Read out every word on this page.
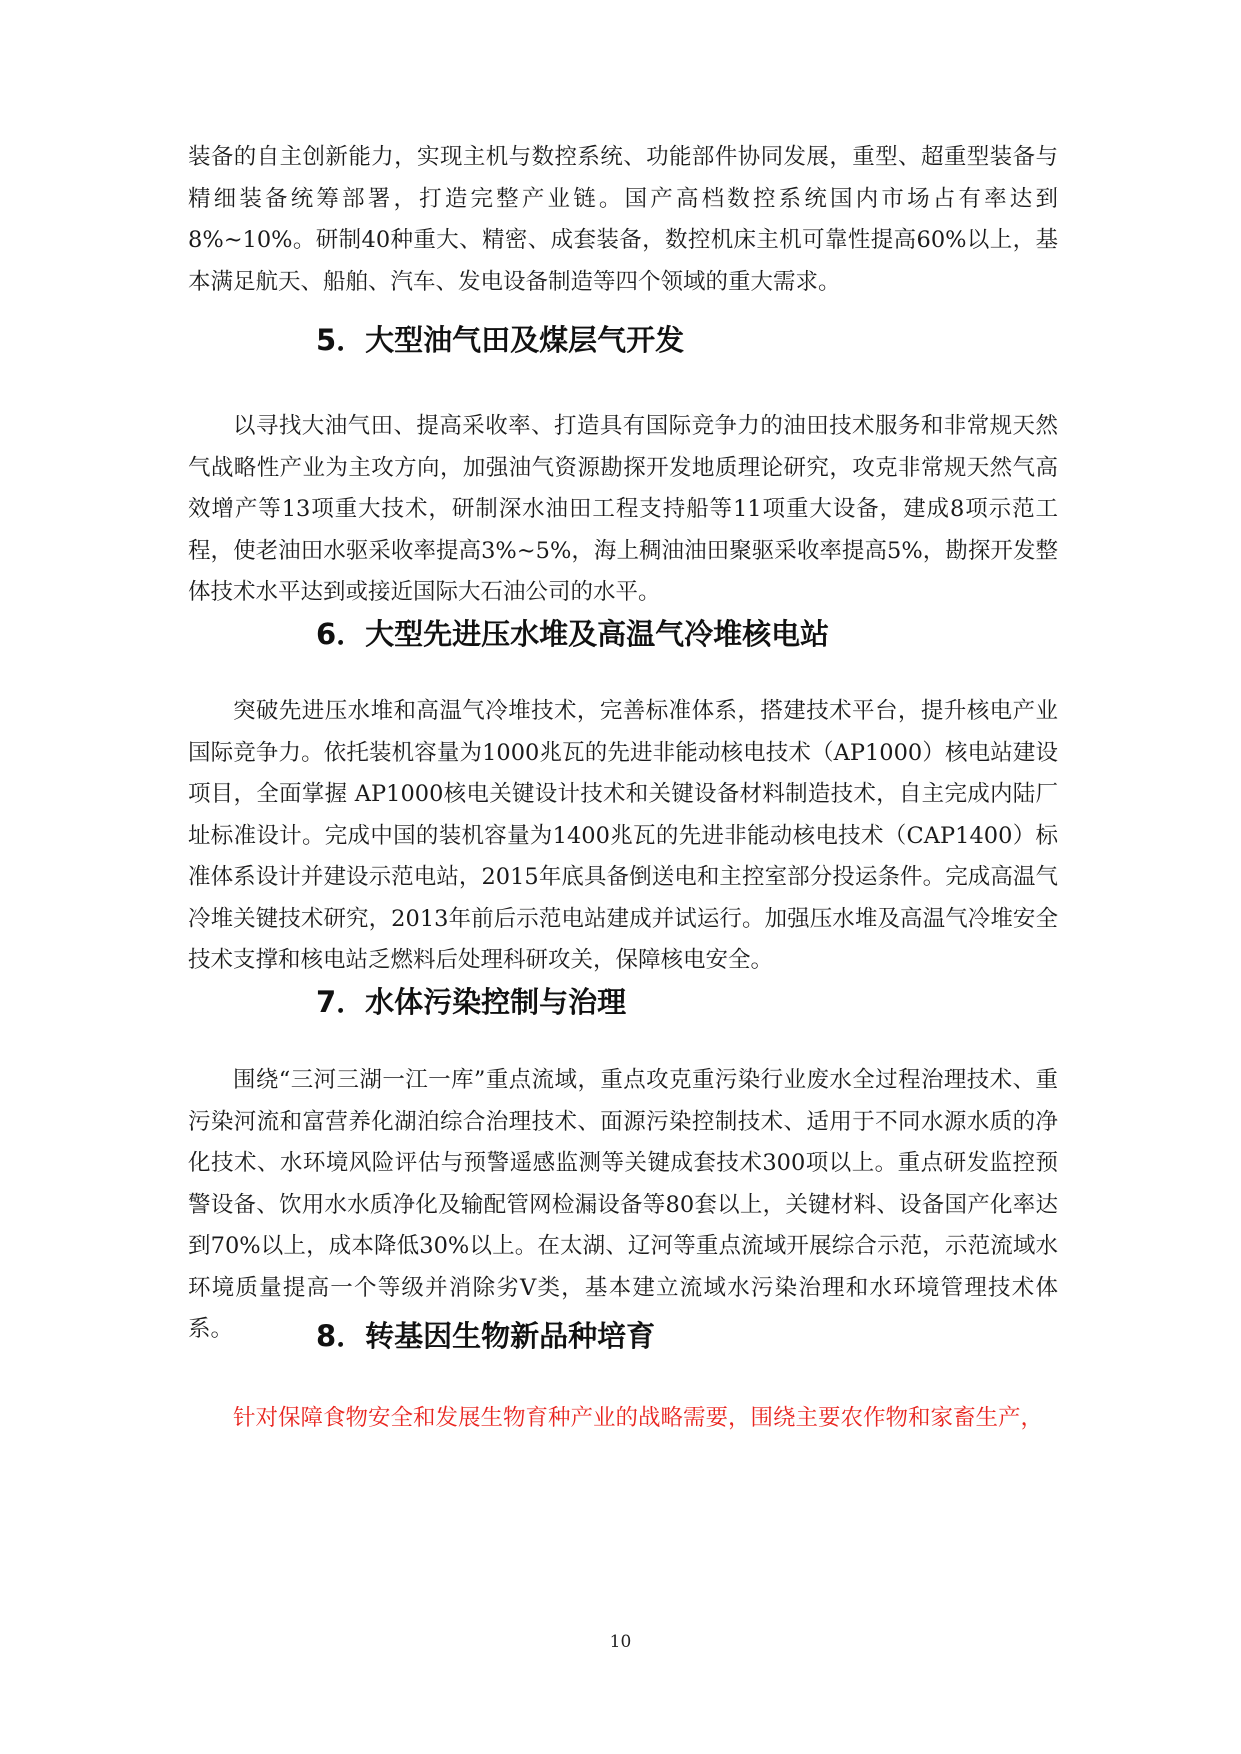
装备的自主创新能力，实现主机与数控系统、功能部件协同发展，重型、超重型装备与精细装备统筹部署，打造完整产业链。国产高档数控系统国内市场占有率达到8%~10%。研制40种重大、精密、成套装备，数控机床主机可靠性提高60%以上，基本满足航天、船舶、汽车、发电设备制造等四个领域的重大需求。

5．大型油气田及煤层气开发

以寻找大油气田、提高采收率、打造具有国际竞争力的油田技术服务和非常规天然气战略性产业为主攻方向，加强油气资源勘探开发地质理论研究，攻克非常规天然气高效增产等13项重大技术，研制深水油田工程支持船等11项重大设备，建成8项示范工程，使老油田水驱采收率提高3%~5%，海上稠油油田聚驱采收率提高5%，勘探开发整体技术水平达到或接近国际大石油公司的水平。

6．大型先进压水堆及高温气冷堆核电站

突破先进压水堆和高温气冷堆技术，完善标准体系，搭建技术平台，提升核电产业国际竞争力。依托装机容量为1000兆瓦的先进非能动核电技术（AP1000）核电站建设项目，全面掌握 AP1000核电关键设计技术和关键设备材料制造技术，自主完成内陆厂址标准设计。完成中国的装机容量为1400兆瓦的先进非能动核电技术（CAP1400）标准体系设计并建设示范电站，2015年底具备倒送电和主控室部分投运条件。完成高温气冷堆关键技术研究，2013年前后示范电站建成并试运行。加强压水堆及高温气冷堆安全技术支撑和核电站乏燃料后处理科研攻关，保障核电安全。

7．水体污染控制与治理

围绕“三河三湖一江一库”重点流域，重点攻克重污染行业废水全过程治理技术、重污染河流和富营养化湖泊综合治理技术、面源污染控制技术、适用于不同水源水质的净化技术、水环境风险评估与预警遥感监测等关键成套技术300项以上。重点研发监控预警设备、饮用水水质净化及输配管网检漏设备等80套以上，关键材料、设备国产化率达到70%以上，成本降低30%以上。在太湖、辽河等重点流域开展综合示范，示范流域水环境质量提高一个等级并消除劣Ⅴ类，基本建立流域水污染治理和水环境管理技术体系。	8．转基因生物新品种培育

针对保障食物安全和发展生物育种产业的战略需要，围绕主要农作物和家畜生产，

10
